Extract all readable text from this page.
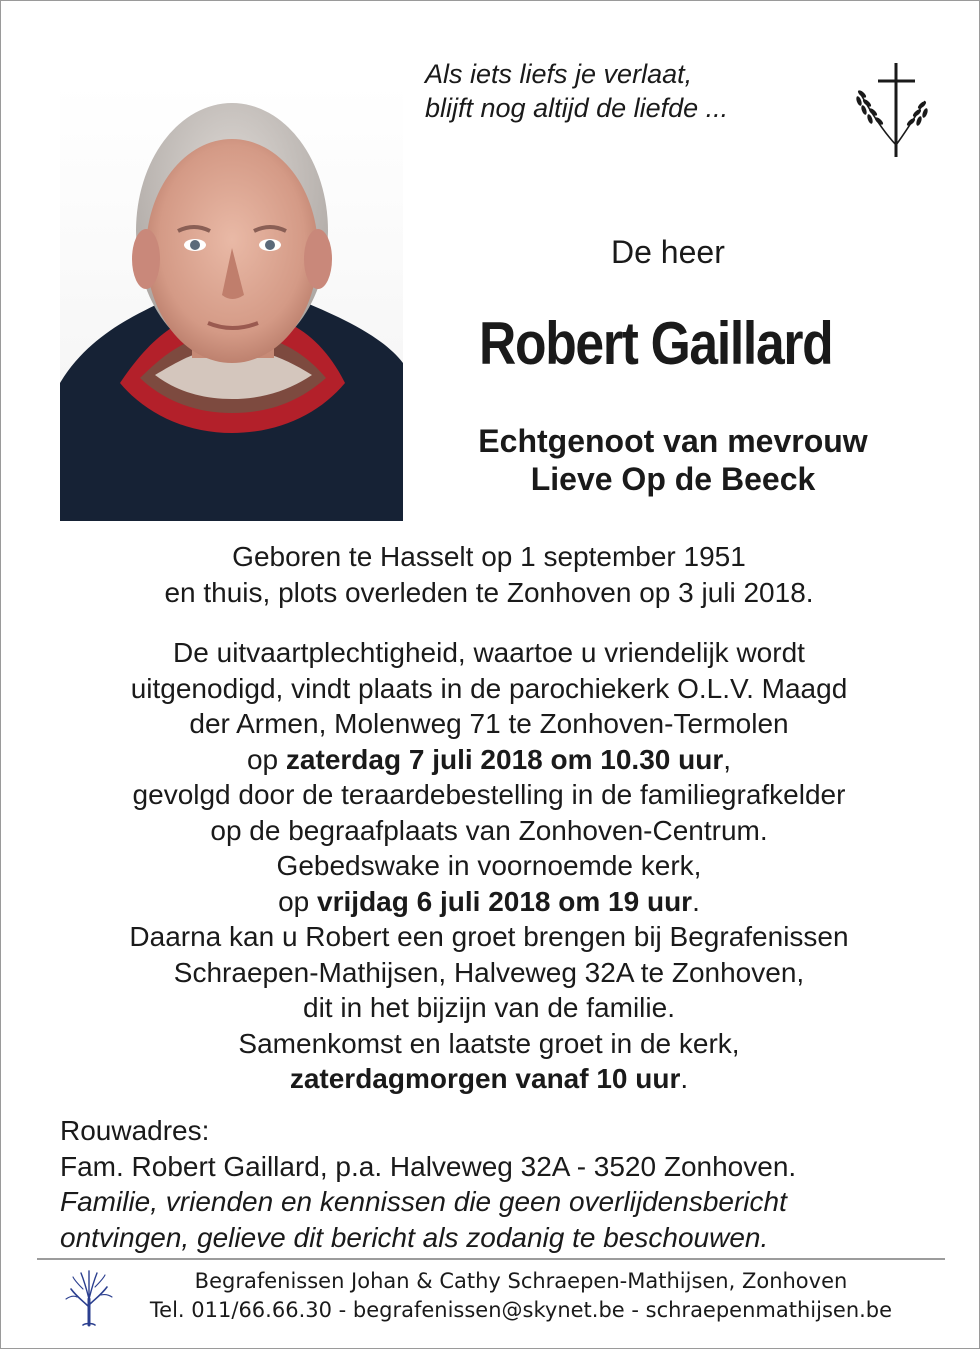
Als iets liefs je verlaat,
blijft nog altijd de liefde ...
De heer
Robert Gaillard
Echtgenoot van mevrouw
Lieve Op de Beeck
Geboren te Hasselt op 1 september 1951
en thuis, plots overleden te Zonhoven op 3 juli 2018.
De uitvaartplechtigheid, waartoe u vriendelijk wordt
uitgenodigd, vindt plaats in de parochiekerk O.L.V. Maagd
der Armen, Molenweg 71 te Zonhoven-Termolen
op zaterdag 7 juli 2018 om 10.30 uur,
gevolgd door de teraardebestelling in de familiegrafkelder
op de begraafplaats van Zonhoven-Centrum.
Gebedswake in voornoemde kerk,
op vrijdag 6 juli 2018 om 19 uur.
Daarna kan u Robert een groet brengen bij Begrafenissen
Schraepen-Mathijsen, Halveweg 32A te Zonhoven,
dit in het bijzijn van de familie.
Samenkomst en laatste groet in de kerk,
zaterdagmorgen vanaf 10 uur.
Rouwadres:
Fam. Robert Gaillard, p.a. Halveweg 32A - 3520 Zonhoven.
Familie, vrienden en kennissen die geen overlijdensbericht
ontvingen, gelieve dit bericht als zodanig te beschouwen.
Begrafenissen Johan & Cathy Schraepen-Mathijsen, Zonhoven
Tel. 011/66.66.30 - begrafenissen@skynet.be - schraepenmathijsen.be
